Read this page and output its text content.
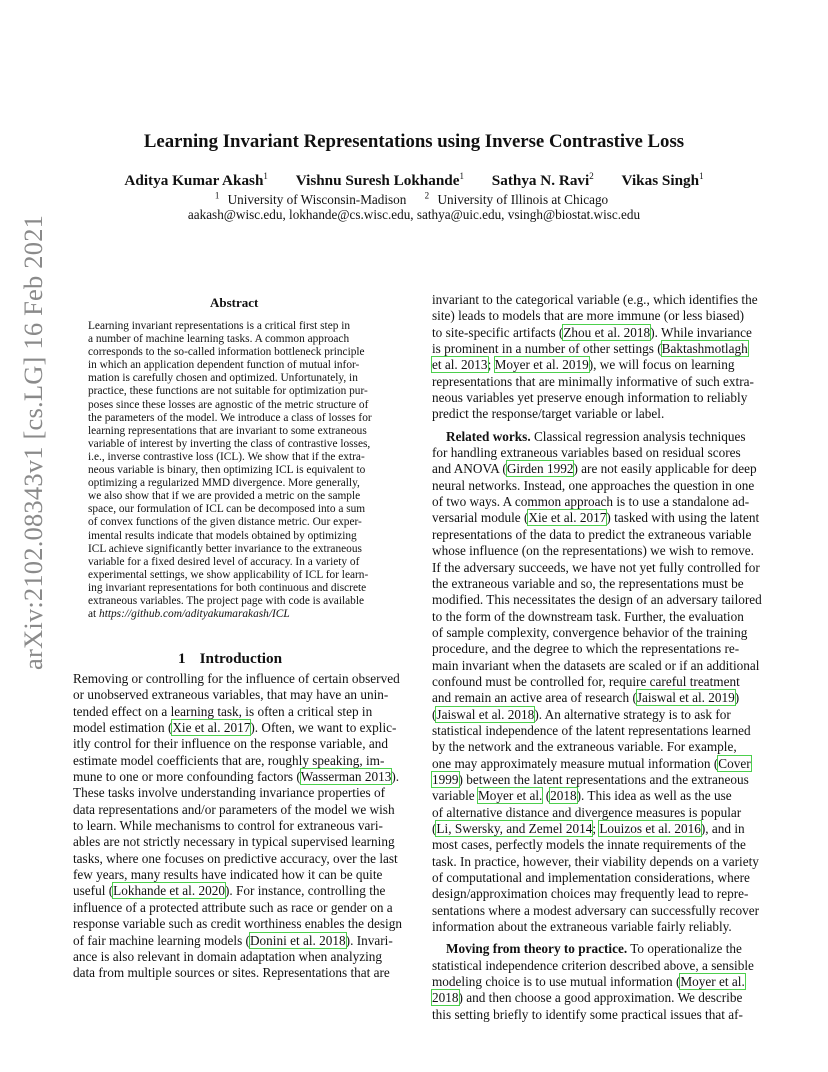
arXiv:2102.08343v1 [cs.LG] 16 Feb 2021
Learning Invariant Representations using Inverse Contrastive Loss
Aditya Kumar Akash$^1$ Vishnu Suresh Lokhande$^1$ Sathya N. Ravi$^2$ Vikas Singh$^1$
$^1$ University of Wisconsin-Madison $^2$ University of Illinois at Chicago
aakash@wisc.edu, lokhande@cs.wisc.edu, sathya@uic.edu, vsingh@biostat.wisc.edu
Abstract
Learning invariant representations is a critical first step in
a number of machine learning tasks. A common approach
corresponds to the so-called information bottleneck principle
in which an application dependent function of mutual infor-
mation is carefully chosen and optimized. Unfortunately, in
practice, these functions are not suitable for optimization pur-
poses since these losses are agnostic of the metric structure of
the parameters of the model. We introduce a class of losses for
learning representations that are invariant to some extraneous
variable of interest by inverting the class of contrastive losses,
i.e., inverse contrastive loss (ICL). We show that if the extra-
neous variable is binary, then optimizing ICL is equivalent to
optimizing a regularized MMD divergence. More generally,
we also show that if we are provided a metric on the sample
space, our formulation of ICL can be decomposed into a sum
of convex functions of the given distance metric. Our exper-
imental results indicate that models obtained by optimizing
ICL achieve significantly better invariance to the extraneous
variable for a fixed desired level of accuracy. In a variety of
experimental settings, we show applicability of ICL for learn-
ing invariant representations for both continuous and discrete
extraneous variables. The project page with code is available
at https://github.com/adityakumarakash/ICL
1 Introduction
Removing or controlling for the influence of certain observed
or unobserved extraneous variables, that may have an unin-
tended effect on a learning task, is often a critical step in
model estimation (Xie et al. 2017). Often, we want to explic-
itly control for their influence on the response variable, and
estimate model coefficients that are, roughly speaking, im-
mune to one or more confounding factors (Wasserman 2013).
These tasks involve understanding invariance properties of
data representations and/or parameters of the model we wish
to learn. While mechanisms to control for extraneous vari-
ables are not strictly necessary in typical supervised learning
tasks, where one focuses on predictive accuracy, over the last
few years, many results have indicated how it can be quite
useful (Lokhande et al. 2020). For instance, controlling the
influence of a protected attribute such as race or gender on a
response variable such as credit worthiness enables the design
of fair machine learning models (Donini et al. 2018). Invari-
ance is also relevant in domain adaptation when analyzing
data from multiple sources or sites. Representations that are
invariant to the categorical variable (e.g., which identifies the
site) leads to models that are more immune (or less biased)
to site-specific artifacts (Zhou et al. 2018). While invariance
is prominent in a number of other settings (Baktashmotlagh
et al. 2013; Moyer et al. 2019), we will focus on learning
representations that are minimally informative of such extra-
neous variables yet preserve enough information to reliably
predict the response/target variable or label.
Related works. Classical regression analysis techniques
for handling extraneous variables based on residual scores
and ANOVA (Girden 1992) are not easily applicable for deep
neural networks. Instead, one approaches the question in one
of two ways. A common approach is to use a standalone ad-
versarial module (Xie et al. 2017) tasked with using the latent
representations of the data to predict the extraneous variable
whose influence (on the representations) we wish to remove.
If the adversary succeeds, we have not yet fully controlled for
the extraneous variable and so, the representations must be
modified. This necessitates the design of an adversary tailored
to the form of the downstream task. Further, the evaluation
of sample complexity, convergence behavior of the training
procedure, and the degree to which the representations re-
main invariant when the datasets are scaled or if an additional
confound must be controlled for, require careful treatment
and remain an active area of research (Jaiswal et al. 2019)
(Jaiswal et al. 2018). An alternative strategy is to ask for
statistical independence of the latent representations learned
by the network and the extraneous variable. For example,
one may approximately measure mutual information (Cover
1999) between the latent representations and the extraneous
variable Moyer et al. (2018). This idea as well as the use
of alternative distance and divergence measures is popular
(Li, Swersky, and Zemel 2014; Louizos et al. 2016), and in
most cases, perfectly models the innate requirements of the
task. In practice, however, their viability depends on a variety
of computational and implementation considerations, where
design/approximation choices may frequently lead to repre-
sentations where a modest adversary can successfully recover
information about the extraneous variable fairly reliably.
Moving from theory to practice. To operationalize the
statistical independence criterion described above, a sensible
modeling choice is to use mutual information (Moyer et al.
2018) and then choose a good approximation. We describe
this setting briefly to identify some practical issues that af-
